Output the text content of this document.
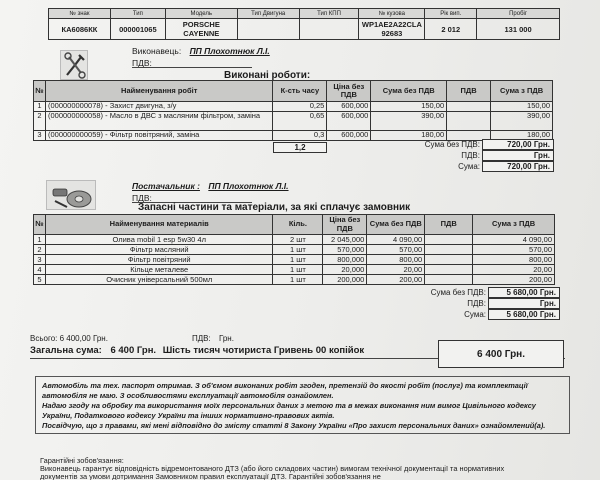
№ знак	Тип	Модель	Тип Двигуна	Тип КПП	№ кузова	Рік вип.	Пробіг
КА6086КК	000001065	PORSCHE CAYENNE			WP1AE2A22CLA92683	2 012	131 000
Виконавець: ПП Плохотнюк Л.І.
ПДВ:
Виконані роботи:
№	Найменування робіт	К-сть часу	Ціна без ПДВ	Сума без ПДВ	ПДВ	Сума з ПДВ
1	(000000000078) - Захист двигуна, з/у	0,25	600,000	150,00		150,00
2	(000000000058) - Масло в ДВС з масляним фільтром, заміна	0,65	600,000	390,00		390,00
3	(000000000059) - Фільтр повітряний, заміна	0,3	600,000	180,00		180,00
1,2	Сума без ПДВ:	720,00 Грн.
ПДВ:	Грн.
Сума:	720,00 Грн.
Постачальник : ПП Плохотнюк Л.І.
ПДВ:
Запасні частини та матеріали, за які сплачує замовник
№	Найменування материалів	Кіль.	Ціна без ПДВ	Сума без ПДВ	ПДВ	Сума з ПДВ
1	Олива mobil 1 esp 5w30 4л	2 шт	2 045,000	4 090,00		4 090,00
2	Фільтр масляний	1 шт	570,000	570,00		570,00
3	Фільтр повітряний	1 шт	800,000	800,00		800,00
4	Кільце металеве	1 шт	20,000	20,00		20,00
5	Очисник універсальний 500мл	1 шт	200,000	200,00		200,00
Сума без ПДВ:	5 680,00 Грн.
ПДВ:	Грн.
Сума:	5 680,00 Грн.
Всього: 6 400,00 Грн.	ПДВ: Грн.
Загальна сума: 6 400 Грн. Шість тисяч чотириста Гривень 00 копійок	6 400 Грн.
Автомобіль та тех. паспорт отримав. З об'ємом виконаних робіт згоден, претензій до якості робіт (послуг) та комплектації
автомобіля не маю. З особливостями експлуатації автомобіля ознайомлен.
Надаю згоду на обробку та використання моїх персональних даних з метою та в межах виконання ним вимог Цивільного кодексу
України, Податкового кодексу України та інших нормативно-правових актів.
Посвідчую, що з правами, які мені відповідно до змісту статті 8 Закону України «Про захист персональних даних» ознайомлений(а).
Гарантійні зобов'язання:
Виконавець гарантує відповідність відремонтованого ДТЗ (або його складових частин) вимогам технічної документації та нормативних
документів за умови дотримання Замовником правил експлуатації ДТЗ. Гарантійні зобов'язання не
